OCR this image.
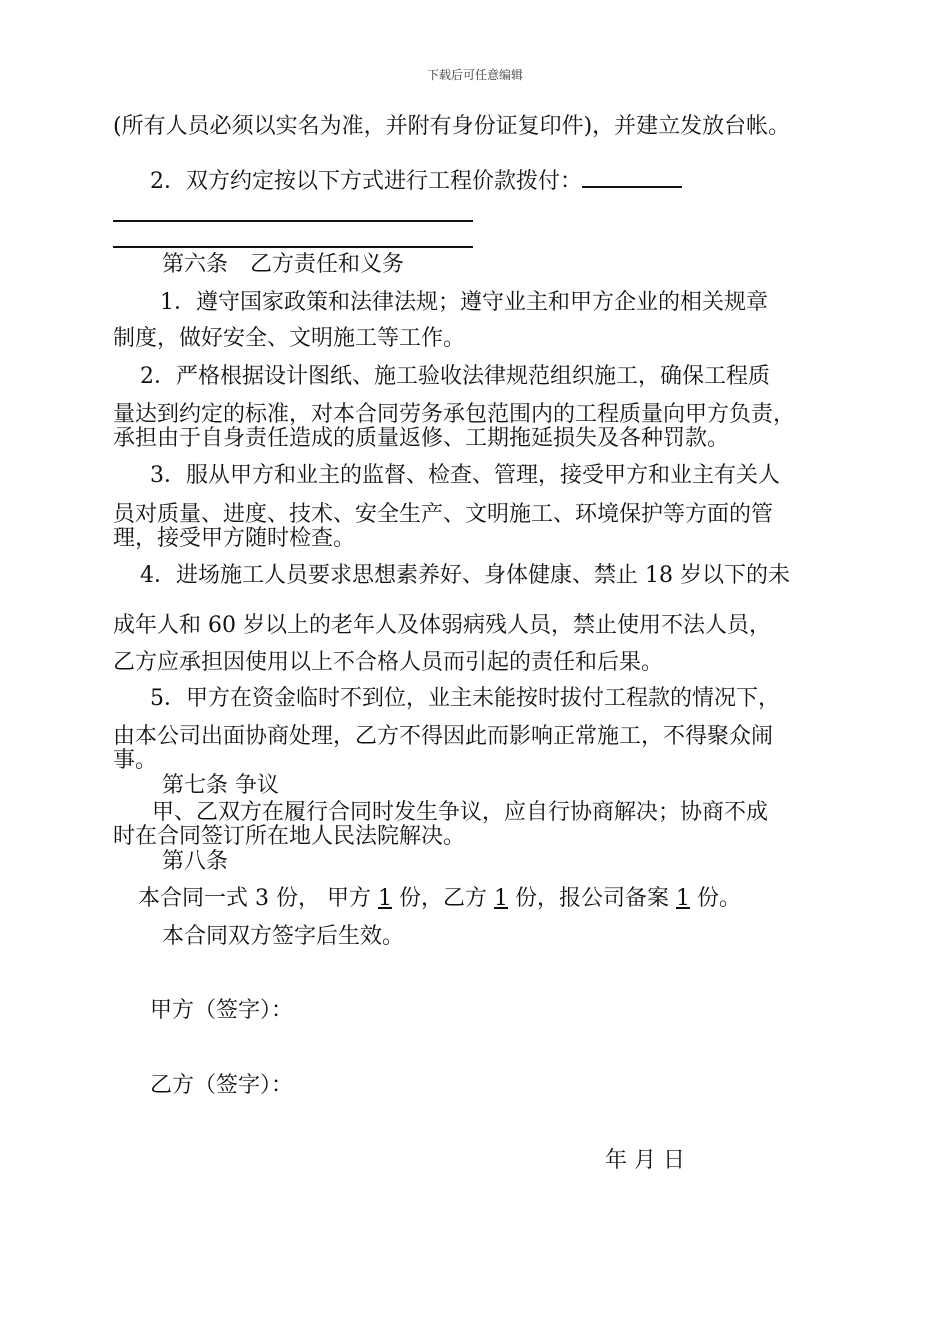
下载后可任意编辑
(所有人员必须以实名为准，并附有身份证复印件)，并建立发放台帐。
2．双方约定按以下方式进行工程价款拨付：
第六条　乙方责任和义务
1．遵守国家政策和法律法规；遵守业主和甲方企业的相关规章
制度，做好安全、文明施工等工作。
2．严格根据设计图纸、施工验收法律规范组织施工，确保工程质
量达到约定的标准，对本合同劳务承包范围内的工程质量向甲方负责，
承担由于自身责任造成的质量返修、工期拖延损失及各种罚款。
3．服从甲方和业主的监督、检查、管理，接受甲方和业主有关人
员对质量、进度、技术、安全生产、文明施工、环境保护等方面的管
理，接受甲方随时检查。
4．进场施工人员要求思想素养好、身体健康、禁止 18 岁以下的未
成年人和 60 岁以上的老年人及体弱病残人员，禁止使用不法人员，
乙方应承担因使用以上不合格人员而引起的责任和后果。
5．甲方在资金临时不到位，业主未能按时拔付工程款的情况下，
由本公司出面协商处理，乙方不得因此而影响正常施工，不得聚众闹
事。
第七条 争议
甲、乙双方在履行合同时发生争议，应自行协商解决；协商不成
时在合同签订所在地人民法院解决。
第八条
本合同一式 3 份， 甲方 1 份，乙方 1 份，报公司备案 1 份。
本合同双方签字后生效。
甲方（签字）：
乙方（签字）：
年 月 日
